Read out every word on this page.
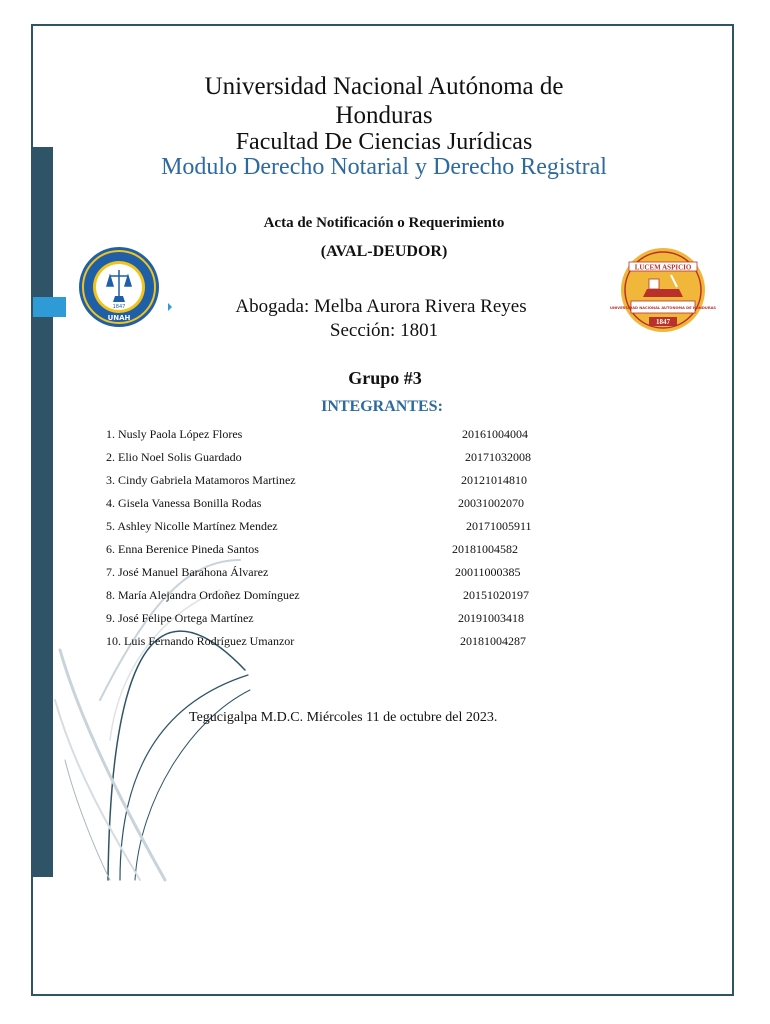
Universidad Nacional Autónoma de Honduras
Facultad De Ciencias Jurídicas
Modulo Derecho Notarial y Derecho Registral
Acta de Notificación o Requerimiento
(AVAL-DEUDOR)
UNAH
1847
LUCEM ASPICIO
UNIVERSIDAD NACIONAL AUTONOMA DE HONDURAS
1847
Abogada: Melba Aurora Rivera Reyes
Sección: 1801
Grupo #3
INTEGRANTES:
1. Nusly Paola López Flores	20161004004
2. Elio Noel Solis Guardado	20171032008
3. Cindy Gabriela Matamoros Martinez	20121014810
4. Gisela Vanessa Bonilla Rodas	20031002070
5. Ashley Nicolle Martínez Mendez	20171005911
6. Enna Berenice Pineda Santos	20181004582
7. José Manuel Barahona Álvarez	20011000385
8. María Alejandra Ordoñez Domínguez	20151020197
9. José Felipe Ortega Martínez	20191003418
10. Luis Fernando Rodríguez Umanzor	20181004287
Tegucigalpa M.D.C. Miércoles 11 de octubre del 2023.
